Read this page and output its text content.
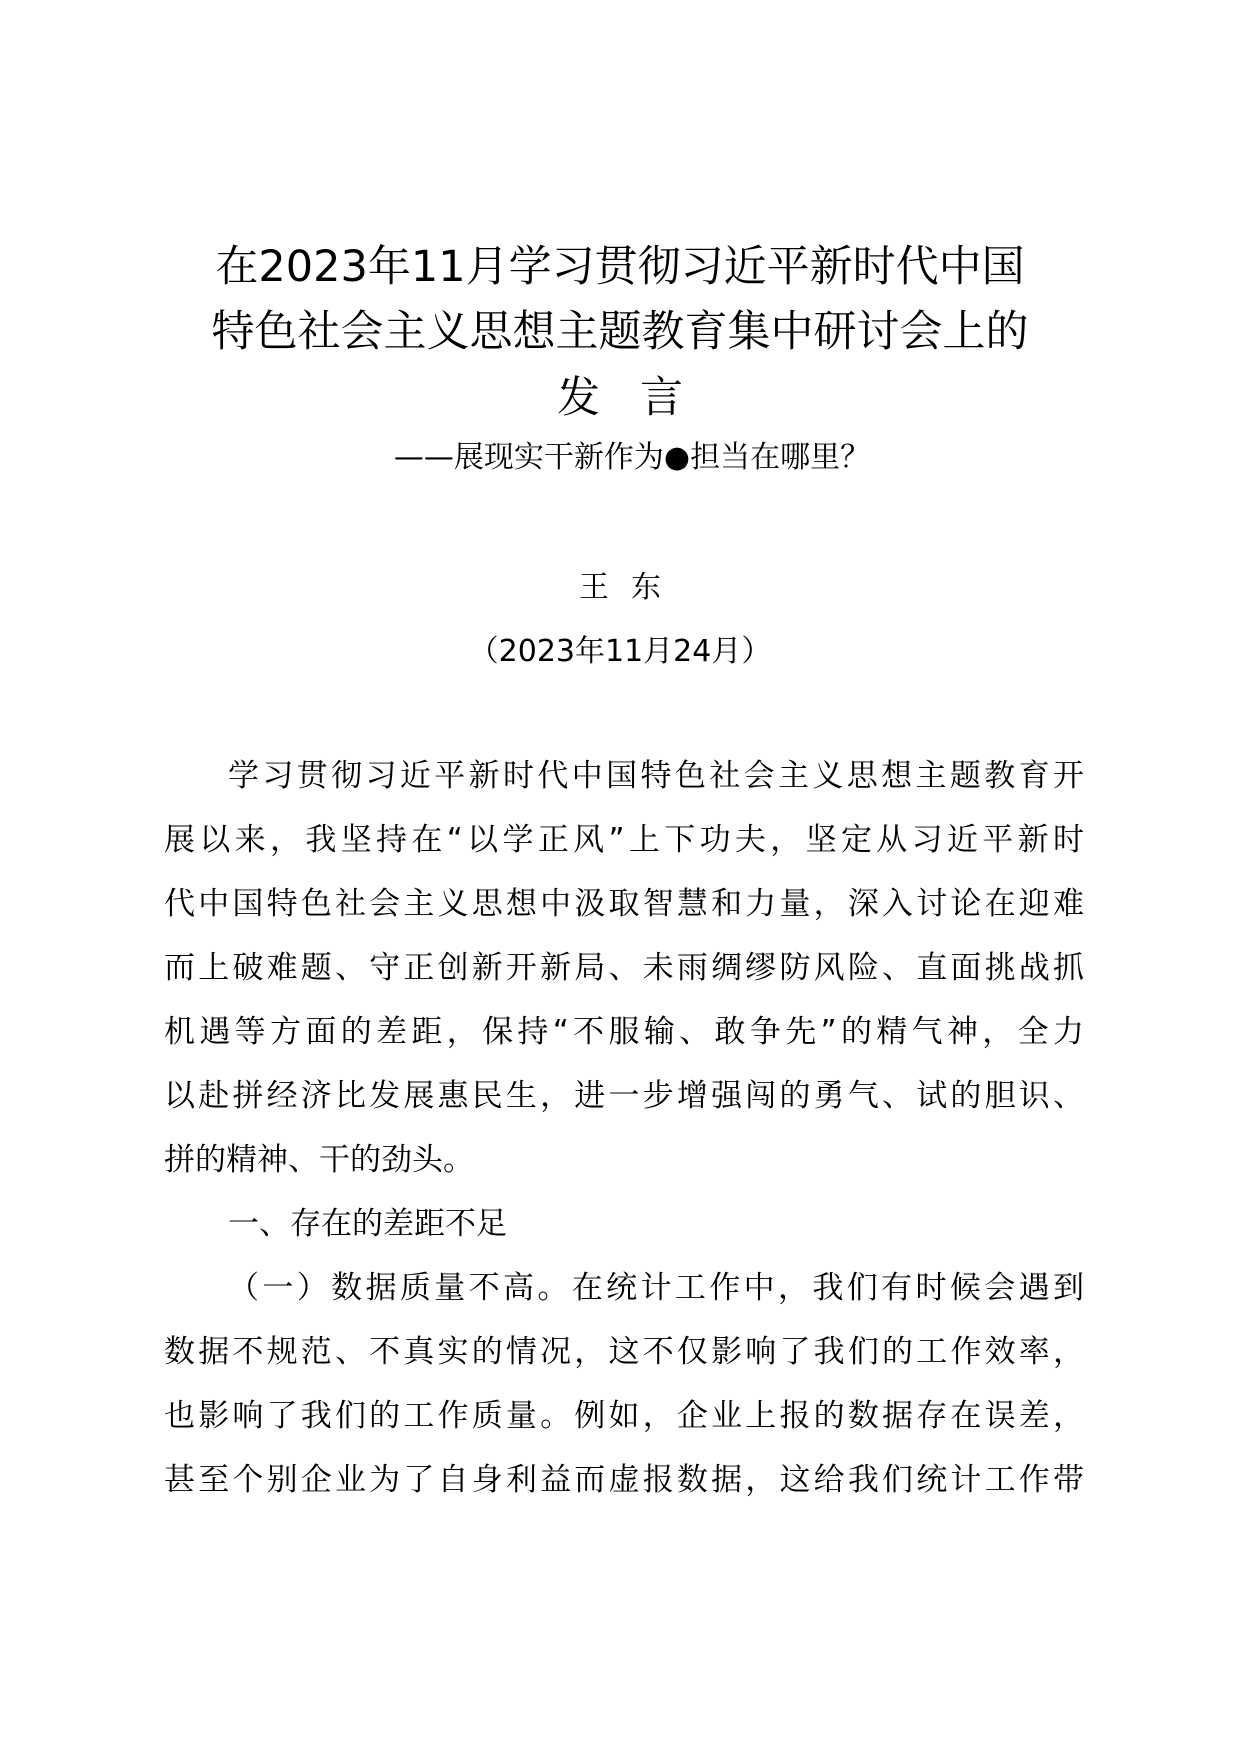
在2023年11月学习贯彻习近平新时代中国
特色社会主义思想主题教育集中研讨会上的
发言
——展现实干新作为●担当在哪里？
王东
（2023年11月24月）
学习贯彻习近平新时代中国特色社会主义思想主题教育开
展以来，我坚持在“以学正风”上下功夫，坚定从习近平新时
代中国特色社会主义思想中汲取智慧和力量，深入讨论在迎难
而上破难题、守正创新开新局、未雨绸缪防风险、直面挑战抓
机遇等方面的差距，保持“不服输、敢争先”的精气神，全力
以赴拼经济比发展惠民生，进一步增强闯的勇气、试的胆识、
拼的精神、干的劲头。
一、存在的差距不足
（一）数据质量不高。在统计工作中，我们有时候会遇到
数据不规范、不真实的情况，这不仅影响了我们的工作效率，
也影响了我们的工作质量。例如，企业上报的数据存在误差，
甚至个别企业为了自身利益而虚报数据，这给我们统计工作带
